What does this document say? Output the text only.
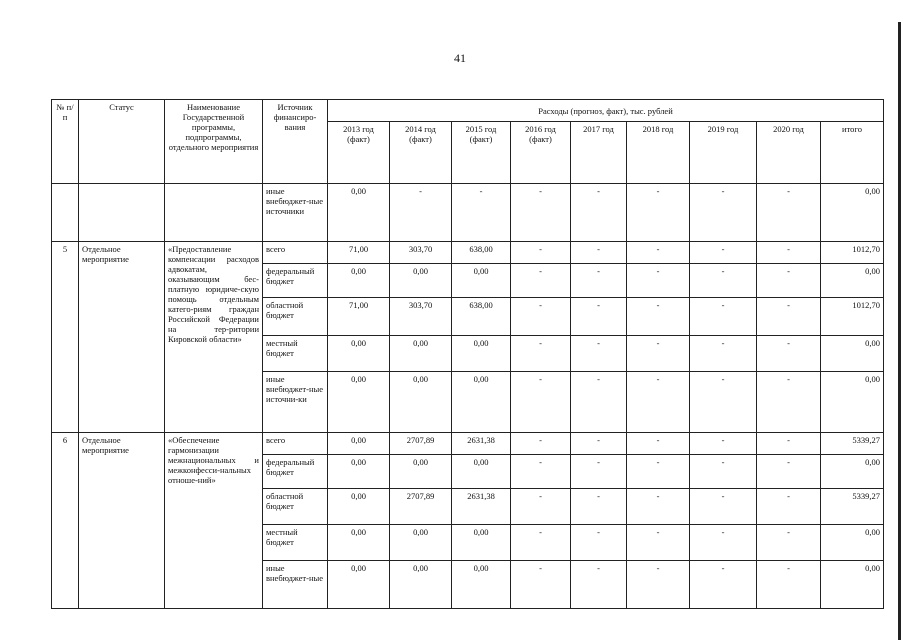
41
№ п/п	Статус	Наименование Государственной программы, подпрограммы, отдельного мероприятия	Источник финансиро-вания	Расходы (прогноз, факт), тыс. рублей								
				2013 год (факт)	2014 год (факт)	2015 год (факт)	2016 год (факт)	2017 год	2018 год	2019 год	2020 год	итого
			иные внебюджет-ные источники	0,00	-	-	-	-	-	-	-	0,00
5	Отдельное мероприятие	«Предоставление компенсации расходов адвокатам, оказывающим бес-платную юридиче-скую помощь отдельным катего-риям граждан Российской Федерации на тер-ритории Кировской области»	всего	71,00	303,70	638,00	-	-	-	-	-	1012,70
			федеральный бюджет	0,00	0,00	0,00	-	-	-	-	-	0,00
			областной бюджет	71,00	303,70	638,00	-	-	-	-	-	1012,70
			местный бюджет	0,00	0,00	0,00	-	-	-	-	-	0,00
			иные внебюджет-ные источни-ки	0,00	0,00	0,00	-	-	-	-	-	0,00
6	Отдельное мероприятие	«Обеспечение гармонизации межнациональных и межконфесси-нальных отноше-ний»	всего	0,00	2707,89	2631,38	-	-	-	-	-	5339,27
			федеральный бюджет	0,00	0,00	0,00	-	-	-	-	-	0,00
			областной бюджет	0,00	2707,89	2631,38	-	-	-	-	-	5339,27
			местный бюджет	0,00	0,00	0,00	-	-	-	-	-	0,00
			иные внебюджет-ные	0,00	0,00	0,00	-	-	-	-	-	0,00
